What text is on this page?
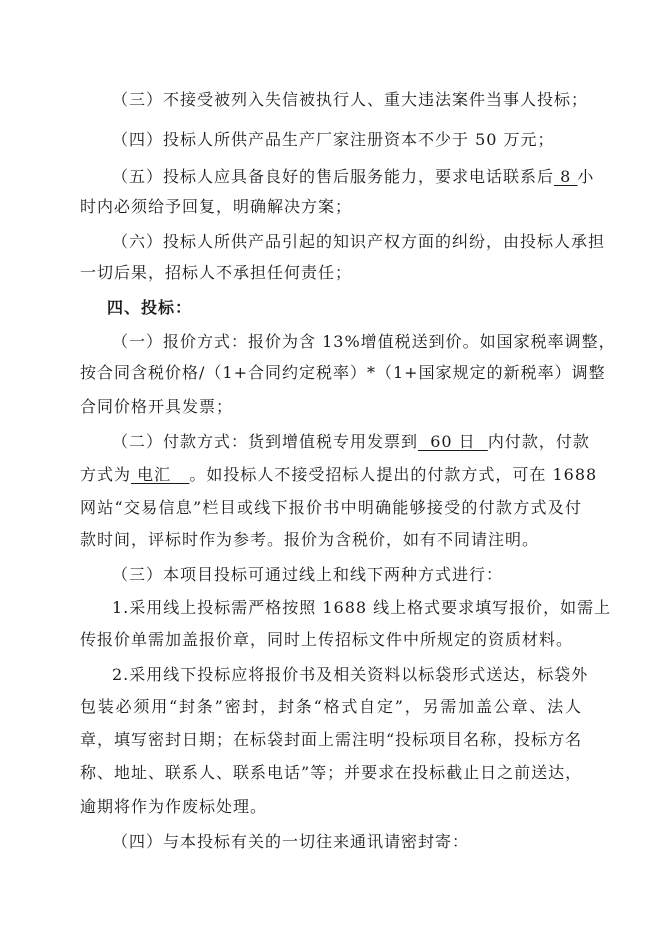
（三）不接受被列入失信被执行人、重大违法案件当事人投标；
（四）投标人所供产品生产厂家注册资本不少于 50 万元；
（五）投标人应具备良好的售后服务能力，要求电话联系后 8 小
时内必须给予回复，明确解决方案；
（六）投标人所供产品引起的知识产权方面的纠纷，由投标人承担
一切后果，招标人不承担任何责任；
四、投标：
（一）报价方式：报价为含 13%增值税送到价。如国家税率调整，
按合同含税价格/（1+合同约定税率）*（1+国家规定的新税率）调整
合同价格开具发票；
（二）付款方式：货到增值税专用发票到  60 日  内付款，付款
方式为 电汇   。如投标人不接受招标人提出的付款方式，可在 1688
网站“交易信息”栏目或线下报价书中明确能够接受的付款方式及付
款时间，评标时作为参考。报价为含税价，如有不同请注明。
（三）本项目投标可通过线上和线下两种方式进行：
1.采用线上投标需严格按照 1688 线上格式要求填写报价，如需上
传报价单需加盖报价章，同时上传招标文件中所规定的资质材料。
2.采用线下投标应将报价书及相关资料以标袋形式送达，标袋外
包装必须用“封条”密封，封条“格式自定”，另需加盖公章、法人
章，填写密封日期；在标袋封面上需注明“投标项目名称，投标方名
称、地址、联系人、联系电话”等；并要求在投标截止日之前送达，
逾期将作为作废标处理。
（四）与本投标有关的一切往来通讯请密封寄：
